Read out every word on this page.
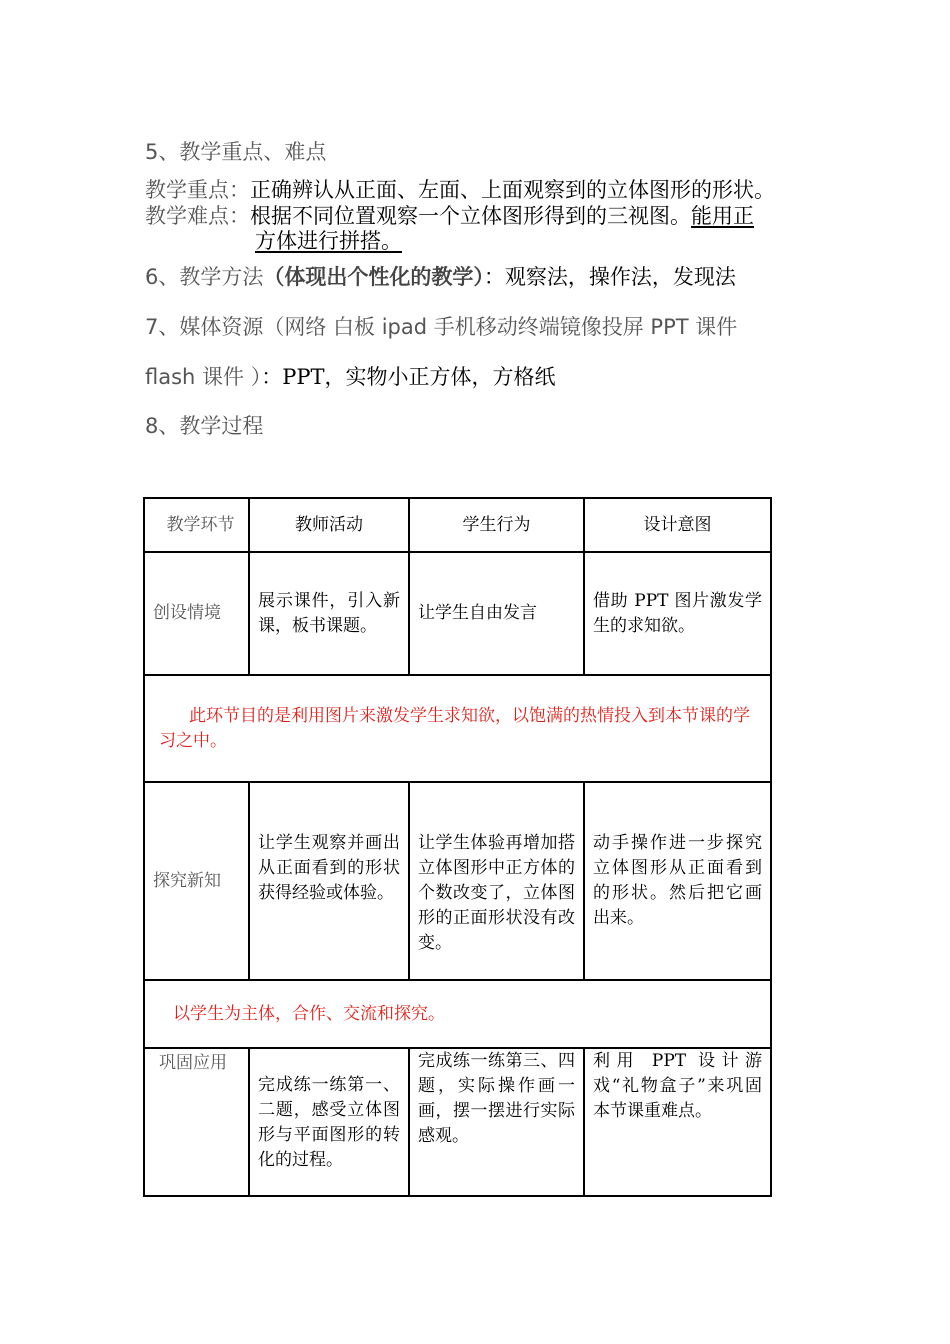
5、教学重点、难点
教学重点：正确辨认从正面、左面、上面观察到的立体图形的形状。
教学难点：根据不同位置观察一个立体图形得到的三视图。能用正
方体进行拼搭。
6、教学方法（体现出个性化的教学）：观察法，操作法，发现法
7、媒体资源（网络 白板 ipad 手机移动终端镜像投屏 PPT 课件
flash 课件 ）：PPT，实物小正方体，方格纸
8、教学过程
教学环节	教师活动	学生行为	设计意图
创设情境	展示课件，引入新课，板书课题。	让学生自由发言	借助 PPT 图片激发学生的求知欲。
此环节目的是利用图片来激发学生求知欲，以饱满的热情投入到本节课的学习之中。			
探究新知	让学生观察并画出从正面看到的形状获得经验或体验。	让学生体验再增加搭立体图形中正方体的个数改变了，立体图形的正面形状没有改变。	动手操作进一步探究立体图形从正面看到的形状。然后把它画出来。
以学生为主体，合作、交流和探究。			
巩固应用	完成练一练第一、二题，感受立体图形与平面图形的转化的过程。	完成练一练第三、四题，实际操作画一画，摆一摆进行实际感观。	利用 PPT 设计游戏“礼物盒子”来巩固本节课重难点。
